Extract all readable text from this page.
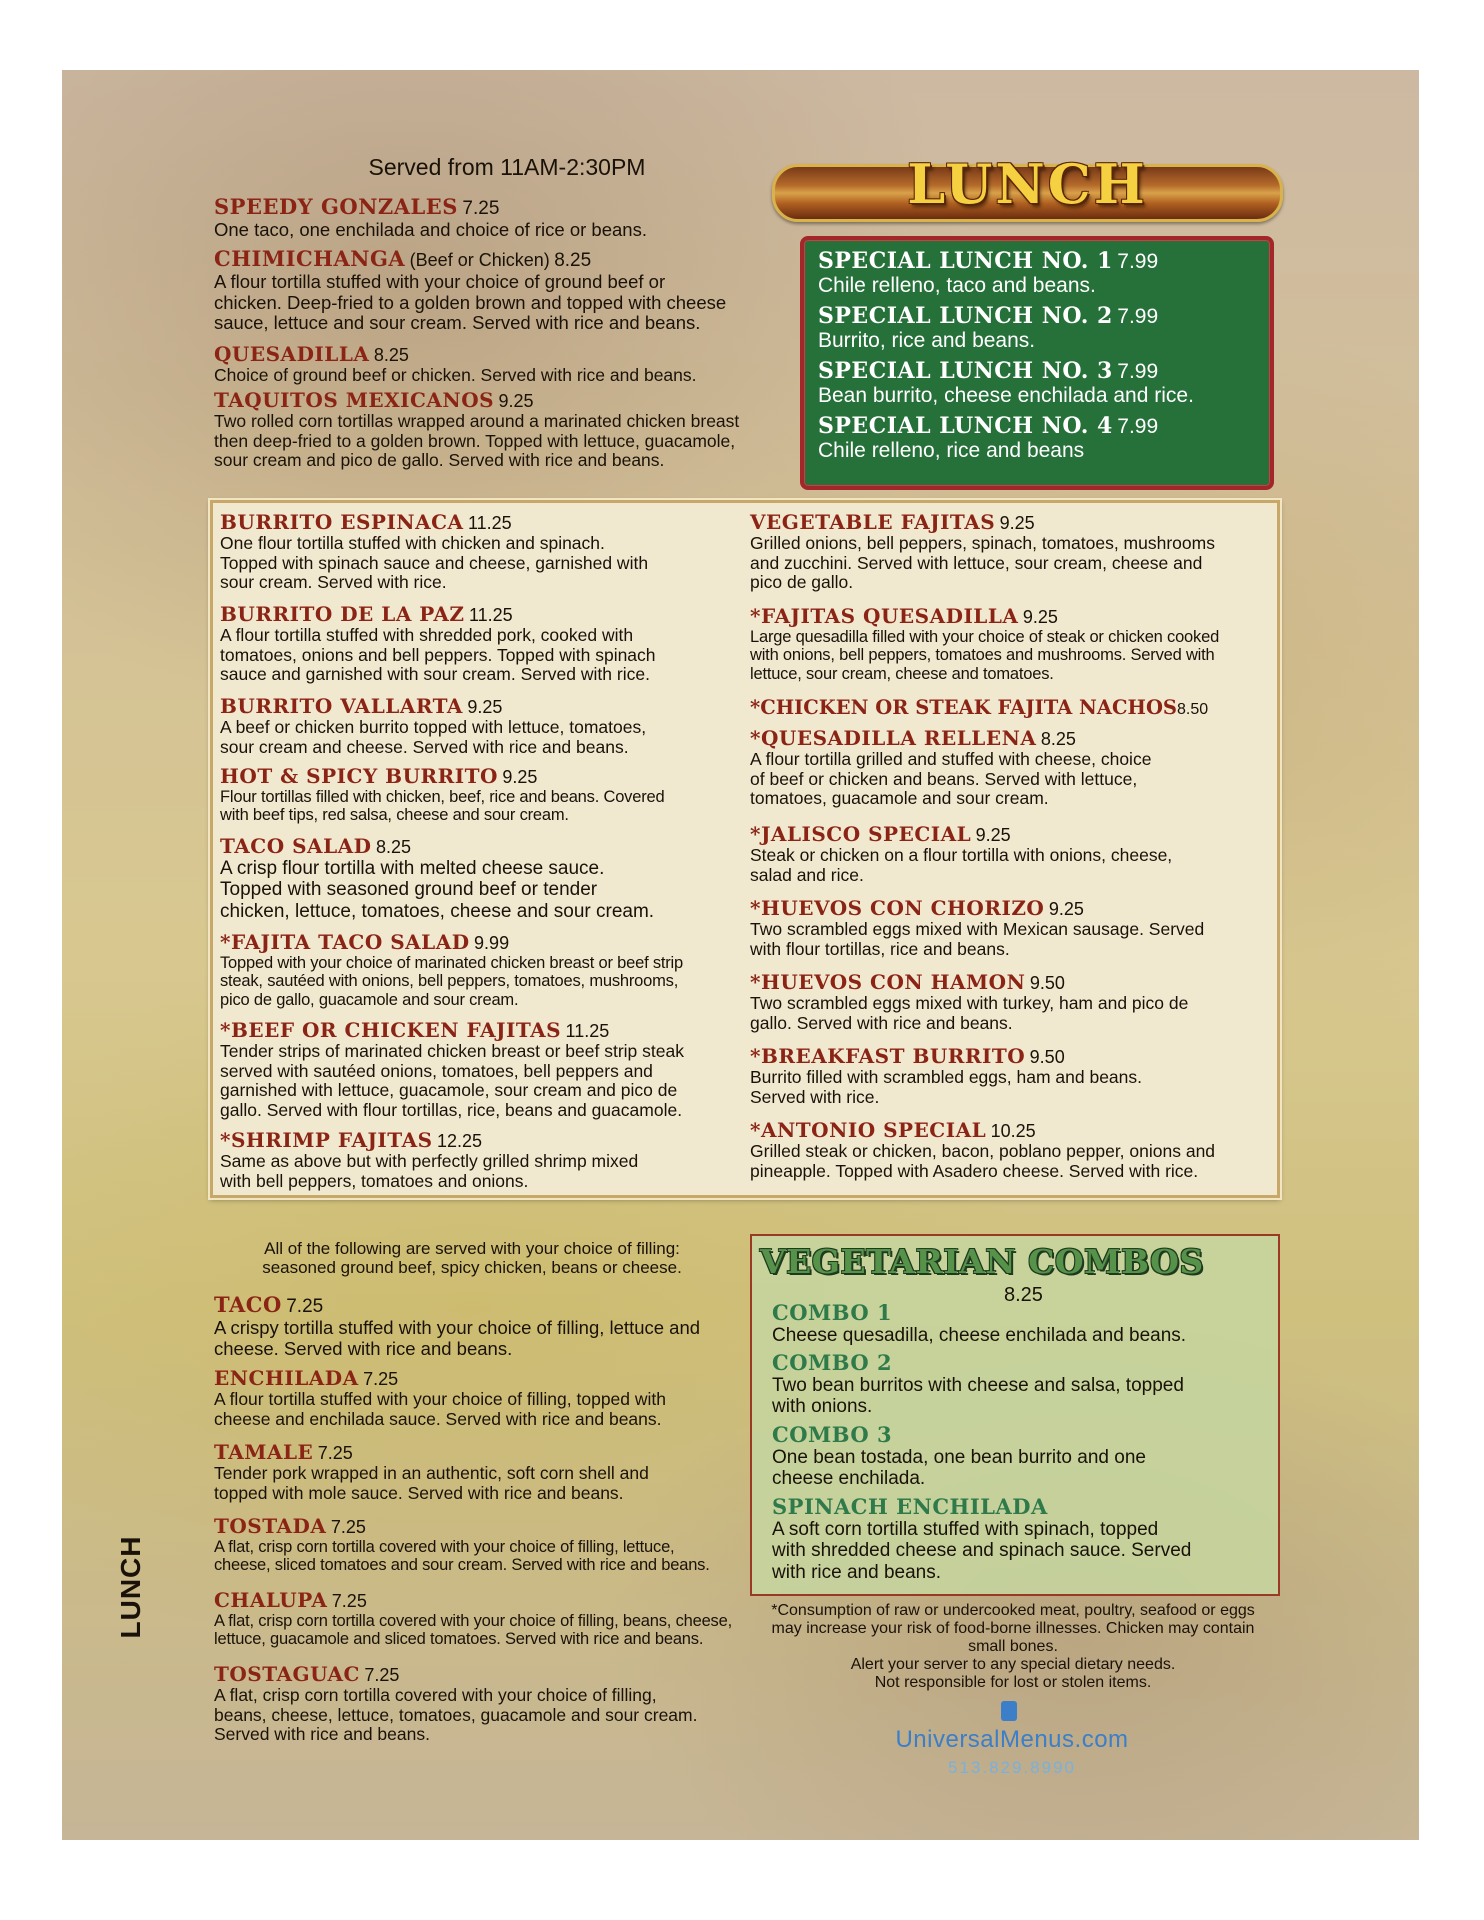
Served from 11AM-2:30PM	LUNCH
SPEEDY GONZALES 7.25
One taco, one enchilada and choice of rice or beans.
CHIMICHANGA (Beef or Chicken) 8.25
A flour tortilla stuffed with your choice of ground beef or
chicken. Deep-fried to a golden brown and topped with cheese
sauce, lettuce and sour cream. Served with rice and beans.
QUESADILLA 8.25
Choice of ground beef or chicken. Served with rice and beans.
TAQUITOS MEXICANOS 9.25
Two rolled corn tortillas wrapped around a marinated chicken breast
then deep-fried to a golden brown. Topped with lettuce, guacamole,
sour cream and pico de gallo. Served with rice and beans.
SPECIAL LUNCH NO. 1 7.99
Chile relleno, taco and beans.
SPECIAL LUNCH NO. 2 7.99
Burrito, rice and beans.
SPECIAL LUNCH NO. 3 7.99
Bean burrito, cheese enchilada and rice.
SPECIAL LUNCH NO. 4 7.99
Chile relleno, rice and beans
BURRITO ESPINACA 11.25
One flour tortilla stuffed with chicken and spinach.
Topped with spinach sauce and cheese, garnished with
sour cream. Served with rice.
BURRITO DE LA PAZ 11.25
A flour tortilla stuffed with shredded pork, cooked with
tomatoes, onions and bell peppers. Topped with spinach
sauce and garnished with sour cream. Served with rice.
BURRITO VALLARTA 9.25
A beef or chicken burrito topped with lettuce, tomatoes,
sour cream and cheese. Served with rice and beans.
HOT & SPICY BURRITO 9.25
Flour tortillas filled with chicken, beef, rice and beans. Covered
with beef tips, red salsa, cheese and sour cream.
TACO SALAD 8.25
A crisp flour tortilla with melted cheese sauce.
Topped with seasoned ground beef or tender
chicken, lettuce, tomatoes, cheese and sour cream.
*FAJITA TACO SALAD 9.99
Topped with your choice of marinated chicken breast or beef strip
steak, sautéed with onions, bell peppers, tomatoes, mushrooms,
pico de gallo, guacamole and sour cream.
*BEEF OR CHICKEN FAJITAS 11.25
Tender strips of marinated chicken breast or beef strip steak
served with sautéed onions, tomatoes, bell peppers and
garnished with lettuce, guacamole, sour cream and pico de
gallo. Served with flour tortillas, rice, beans and guacamole.
*SHRIMP FAJITAS 12.25
Same as above but with perfectly grilled shrimp mixed
with bell peppers, tomatoes and onions.
VEGETABLE FAJITAS 9.25
Grilled onions, bell peppers, spinach, tomatoes, mushrooms
and zucchini. Served with lettuce, sour cream, cheese and
pico de gallo.
*FAJITAS QUESADILLA 9.25
Large quesadilla filled with your choice of steak or chicken cooked
with onions, bell peppers, tomatoes and mushrooms. Served with
lettuce, sour cream, cheese and tomatoes.
*CHICKEN OR STEAK FAJITA NACHOS8.50
*QUESADILLA RELLENA 8.25
A flour tortilla grilled and stuffed with cheese, choice
of beef or chicken and beans. Served with lettuce,
tomatoes, guacamole and sour cream.
*JALISCO SPECIAL 9.25
Steak or chicken on a flour tortilla with onions, cheese,
salad and rice.
*HUEVOS CON CHORIZO 9.25
Two scrambled eggs mixed with Mexican sausage. Served
with flour tortillas, rice and beans.
*HUEVOS CON HAMON 9.50
Two scrambled eggs mixed with turkey, ham and pico de
gallo. Served with rice and beans.
*BREAKFAST BURRITO 9.50
Burrito filled with scrambled eggs, ham and beans.
Served with rice.
*ANTONIO SPECIAL 10.25
Grilled steak or chicken, bacon, poblano pepper, onions and
pineapple. Topped with Asadero cheese. Served with rice.
All of the following are served with your choice of filling:
seasoned ground beef, spicy chicken, beans or cheese.
TACO 7.25
A crispy tortilla stuffed with your choice of filling, lettuce and
cheese. Served with rice and beans.
ENCHILADA 7.25
A flour tortilla stuffed with your choice of filling, topped with
cheese and enchilada sauce. Served with rice and beans.
TAMALE 7.25
Tender pork wrapped in an authentic, soft corn shell and
topped with mole sauce. Served with rice and beans.
TOSTADA 7.25
A flat, crisp corn tortilla covered with your choice of filling, lettuce,
cheese, sliced tomatoes and sour cream. Served with rice and beans.
CHALUPA 7.25
A flat, crisp corn tortilla covered with your choice of filling, beans, cheese,
lettuce, guacamole and sliced tomatoes. Served with rice and beans.
TOSTAGUAC 7.25
A flat, crisp corn tortilla covered with your choice of filling,
beans, cheese, lettuce, tomatoes, guacamole and sour cream.
Served with rice and beans.
VEGETARIAN COMBOS
8.25
COMBO 1
Cheese quesadilla, cheese enchilada and beans.
COMBO 2
Two bean burritos with cheese and salsa, topped
with onions.
COMBO 3
One bean tostada, one bean burrito and one
cheese enchilada.
SPINACH ENCHILADA
A soft corn tortilla stuffed with spinach, topped
with shredded cheese and spinach sauce. Served
with rice and beans.
*Consumption of raw or undercooked meat, poultry, seafood or eggs
may increase your risk of food-borne illnesses. Chicken may contain
small bones.
Alert your server to any special dietary needs.
Not responsible for lost or stolen items.
UniversalMenus.com
513.829.8990
LUNCH
